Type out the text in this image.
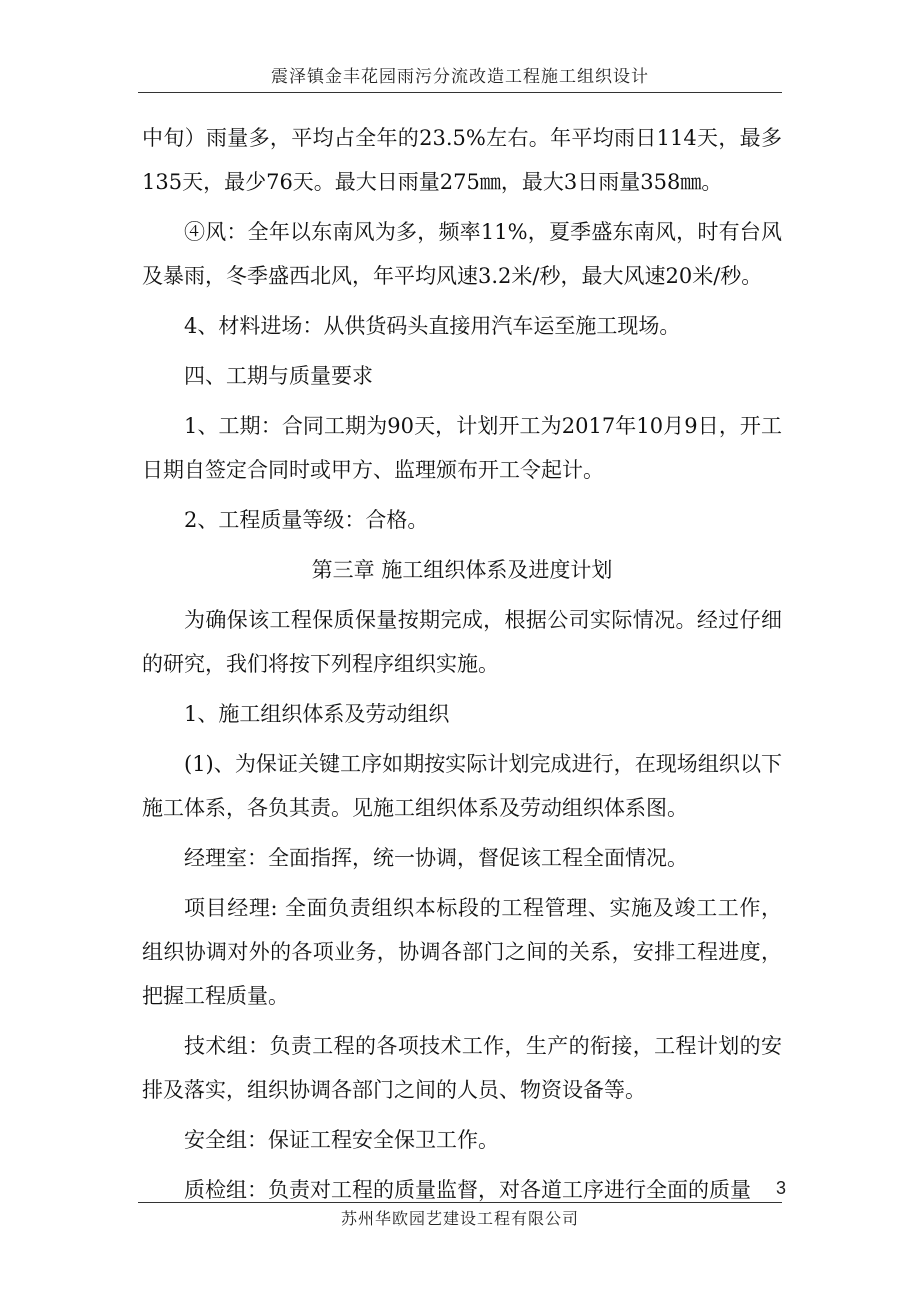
震泽镇金丰花园雨污分流改造工程施工组织设计

中旬）雨量多，平均占全年的23.5%左右。年平均雨日114天，最多135天，最少76天。最大日雨量275㎜，最大3日雨量358㎜。

④风：全年以东南风为多，频率11%，夏季盛东南风，时有台风及暴雨，冬季盛西北风，年平均风速3.2米/秒，最大风速20米/秒。

4、材料进场：从供货码头直接用汽车运至施工现场。

四、工期与质量要求

1、工期：合同工期为90天，计划开工为2017年10月9日，开工日期自签定合同时或甲方、监理颁布开工令起计。

2、工程质量等级：合格。

第三章 施工组织体系及进度计划

为确保该工程保质保量按期完成，根据公司实际情况。经过仔细的研究，我们将按下列程序组织实施。

1、施工组织体系及劳动组织

(1)、为保证关键工序如期按实际计划完成进行，在现场组织以下施工体系，各负其责。见施工组织体系及劳动组织体系图。

经理室：全面指挥，统一协调，督促该工程全面情况。

项目经理: 全面负责组织本标段的工程管理、实施及竣工工作，组织协调对外的各项业务，协调各部门之间的关系，安排工程进度，把握工程质量。

技术组：负责工程的各项技术工作，生产的衔接，工程计划的安排及落实，组织协调各部门之间的人员、物资设备等。

安全组：保证工程安全保卫工作。

质检组：负责对工程的质量监督，对各道工序进行全面的质量	3
苏州华欧园艺建设工程有限公司
